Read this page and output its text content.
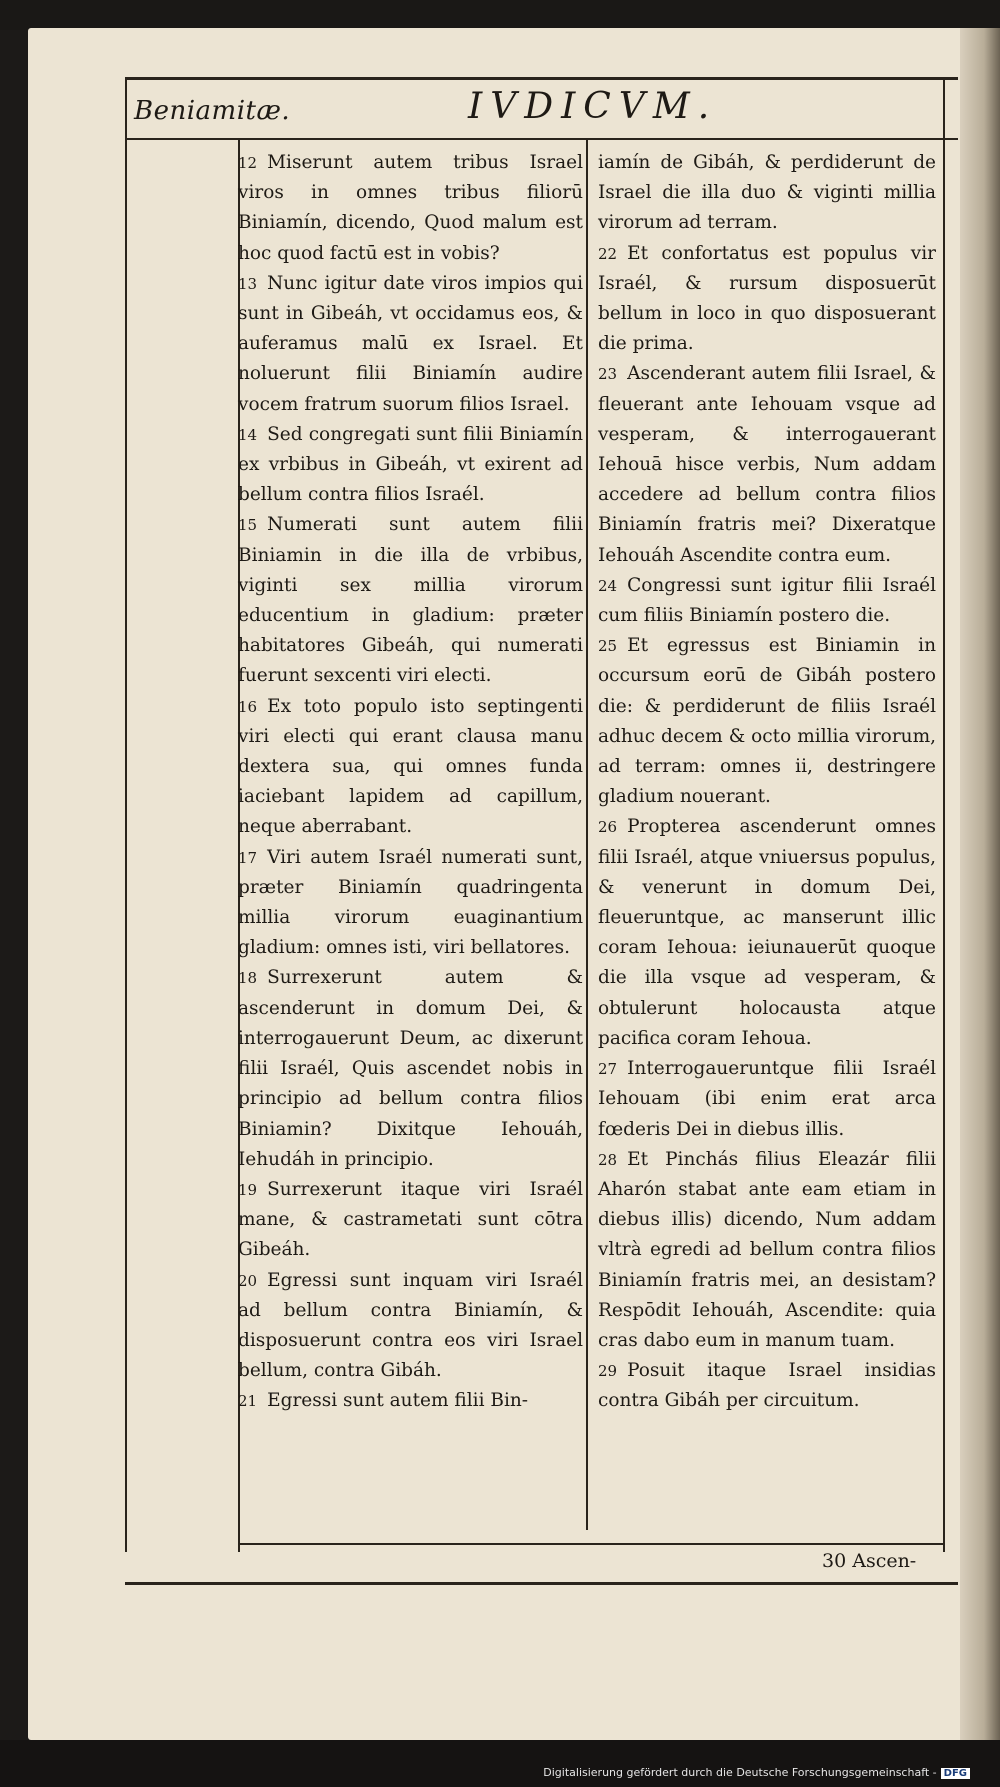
Beniamitæ.	IVDICVM.

12 Miserunt autem tribus Israel viros in omnes tribus filiorū Biniamín, dicendo, Quod malum est hoc quod factū est in vobis?

13 Nunc igitur date viros impios qui sunt in Gibeáh, vt occidamus eos, & auferamus malū ex Israel. Et noluerunt filii Biniamín audire vocem fratrum suorum filios Israel.

14 Sed congregati sunt filii Biniamín ex vrbibus in Gibeáh, vt exirent ad bellum contra filios Israél.

15 Numerati sunt autem filii Biniamin in die illa de vrbibus, viginti sex millia virorum educentium in gladium: præter habitatores Gibeáh, qui numerati fuerunt sexcenti viri electi.

16 Ex toto populo isto septingenti viri electi qui erant clausa manu dextera sua, qui omnes funda iaciebant lapidem ad capillum, neque aberrabant.

17 Viri autem Israél numerati sunt, præter Biniamín quadringenta millia virorum euaginantium gladium: omnes isti, viri bellatores.

18 Surrexerunt autem & ascenderunt in domum Dei, & interrogauerunt Deum, ac dixerunt filii Israél, Quis ascendet nobis in principio ad bellum contra filios Biniamin? Dixitque Iehouáh, Iehudáh in principio.

19 Surrexerunt itaque viri Israél mane, & castrametati sunt cōtra Gibeáh.

20 Egressi sunt inquam viri Israél ad bellum contra Biniamín, & disposuerunt contra eos viri Israel bellum, contra Gibáh.

21 Egressi sunt autem filii Bin-

iamín de Gibáh, & perdiderunt de Israel die illa duo & viginti millia virorum ad terram.

22 Et confortatus est populus vir Israél, & rursum disposuerūt bellum in loco in quo disposuerant die prima.

23 Ascenderant autem filii Israel, & fleuerant ante Iehouam vsque ad vesperam, & interrogauerant Iehouā hisce verbis, Num addam accedere ad bellum contra filios Biniamín fratris mei? Dixeratque Iehouáh Ascendite contra eum.

24 Congressi sunt igitur filii Israél cum filiis Biniamín postero die.

25 Et egressus est Biniamin in occursum eorū de Gibáh postero die: & perdiderunt de filiis Israél adhuc decem & octo millia virorum, ad terram: omnes ii, destringere gladium nouerant.

26 Propterea ascenderunt omnes filii Israél, atque vniuersus populus, & venerunt in domum Dei, fleueruntque, ac manserunt illic coram Iehoua: ieiunauerūt quoque die illa vsque ad vesperam, & obtulerunt holocausta atque pacifica coram Iehoua.

27 Interrogaueruntque filii Israél Iehouam (ibi enim erat arca fœderis Dei in diebus illis.

28 Et Pinchás filius Eleazár filii Aharón stabat ante eam etiam in diebus illis) dicendo, Num addam vltrà egredi ad bellum contra filios Biniamín fratris mei, an desistam? Respōdit Iehouáh, Ascendite: quia cras dabo eum in manum tuam.

29 Posuit itaque Israel insidias contra Gibáh per circuitum.

30 Ascen-
Digitalisierung gefördert durch die Deutsche Forschungsgemeinschaft - DFG
